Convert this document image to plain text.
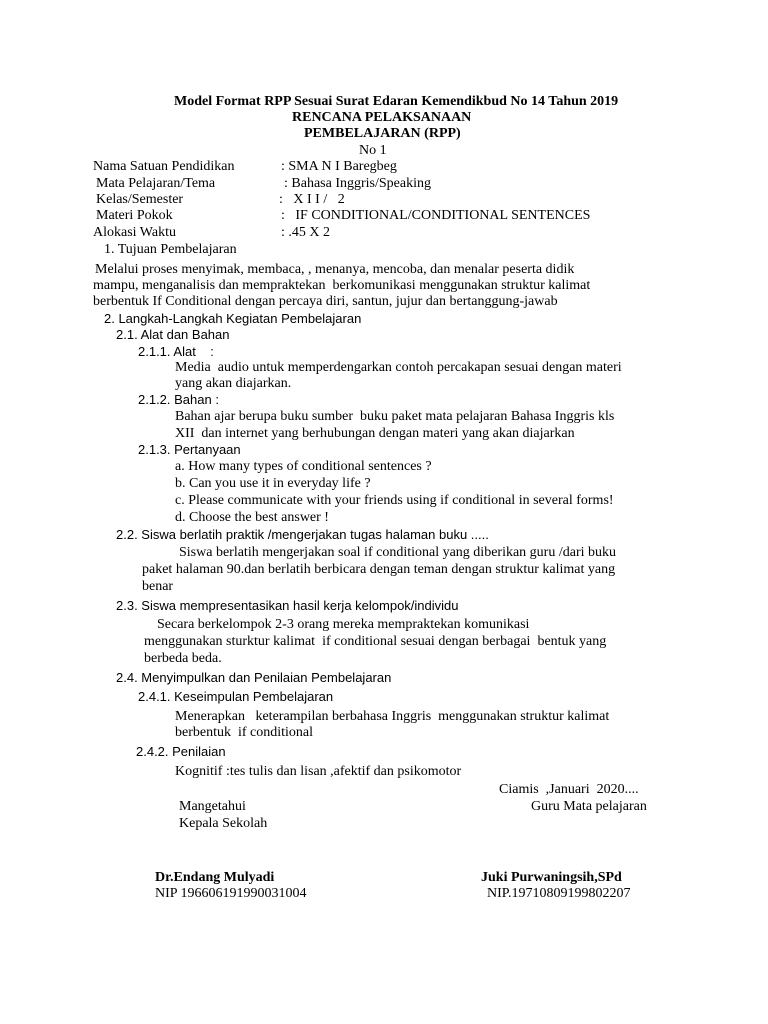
Model Format RPP Sesuai Surat Edaran Kemendikbud No 14 Tahun 2019
RENCANA PELAKSANAAN
PEMBELAJARAN (RPP)
No 1
Nama Satuan Pendidikan	: SMA N I Baregbeg
Mata Pelajaran/Tema	: Bahasa Inggris/Speaking
Kelas/Semester	:   X I I /   2
Materi Pokok	:   IF CONDITIONAL/CONDITIONAL SENTENCES
Alokasi Waktu	: .45 X 2
1. Tujuan Pembelajaran
Melalui proses menyimak, membaca, , menanya, mencoba, dan menalar peserta didik
mampu, menganalisis dan mempraktekan  berkomunikasi menggunakan struktur kalimat
berbentuk If Conditional dengan percaya diri, santun, jujur dan bertanggung-jawab
2. Langkah-Langkah Kegiatan Pembelajaran
2.1. Alat dan Bahan
2.1.1. Alat    :
Media  audio untuk memperdengarkan contoh percakapan sesuai dengan materi
yang akan diajarkan.
2.1.2. Bahan :
Bahan ajar berupa buku sumber  buku paket mata pelajaran Bahasa Inggris kls
XII  dan internet yang berhubungan dengan materi yang akan diajarkan
2.1.3. Pertanyaan
a. How many types of conditional sentences ?
b. Can you use it in everyday life ?
c. Please communicate with your friends using if conditional in several forms!
d. Choose the best answer !
2.2. Siswa berlatih praktik /mengerjakan tugas halaman buku .....
Siswa berlatih mengerjakan soal if conditional yang diberikan guru /dari buku
paket halaman 90.dan berlatih berbicara dengan teman dengan struktur kalimat yang
benar
2.3. Siswa mempresentasikan hasil kerja kelompok/individu
Secara berkelompok 2-3 orang mereka mempraktekan komunikasi
menggunakan sturktur kalimat  if conditional sesuai dengan berbagai  bentuk yang
berbeda beda.
2.4. Menyimpulkan dan Penilaian Pembelajaran
2.4.1. Keseimpulan Pembelajaran
Menerapkan   keterampilan berbahasa Inggris  menggunakan struktur kalimat
berbentuk  if conditional
2.4.2. Penilaian
Kognitif :tes tulis dan lisan ,afektif dan psikomotor
Ciamis  ,Januari  2020....
Mangetahui	Guru Mata pelajaran
Kepala Sekolah
Dr.Endang Mulyadi
NIP 196606191990031004
Juki Purwaningsih,SPd
NIP.19710809199802207
